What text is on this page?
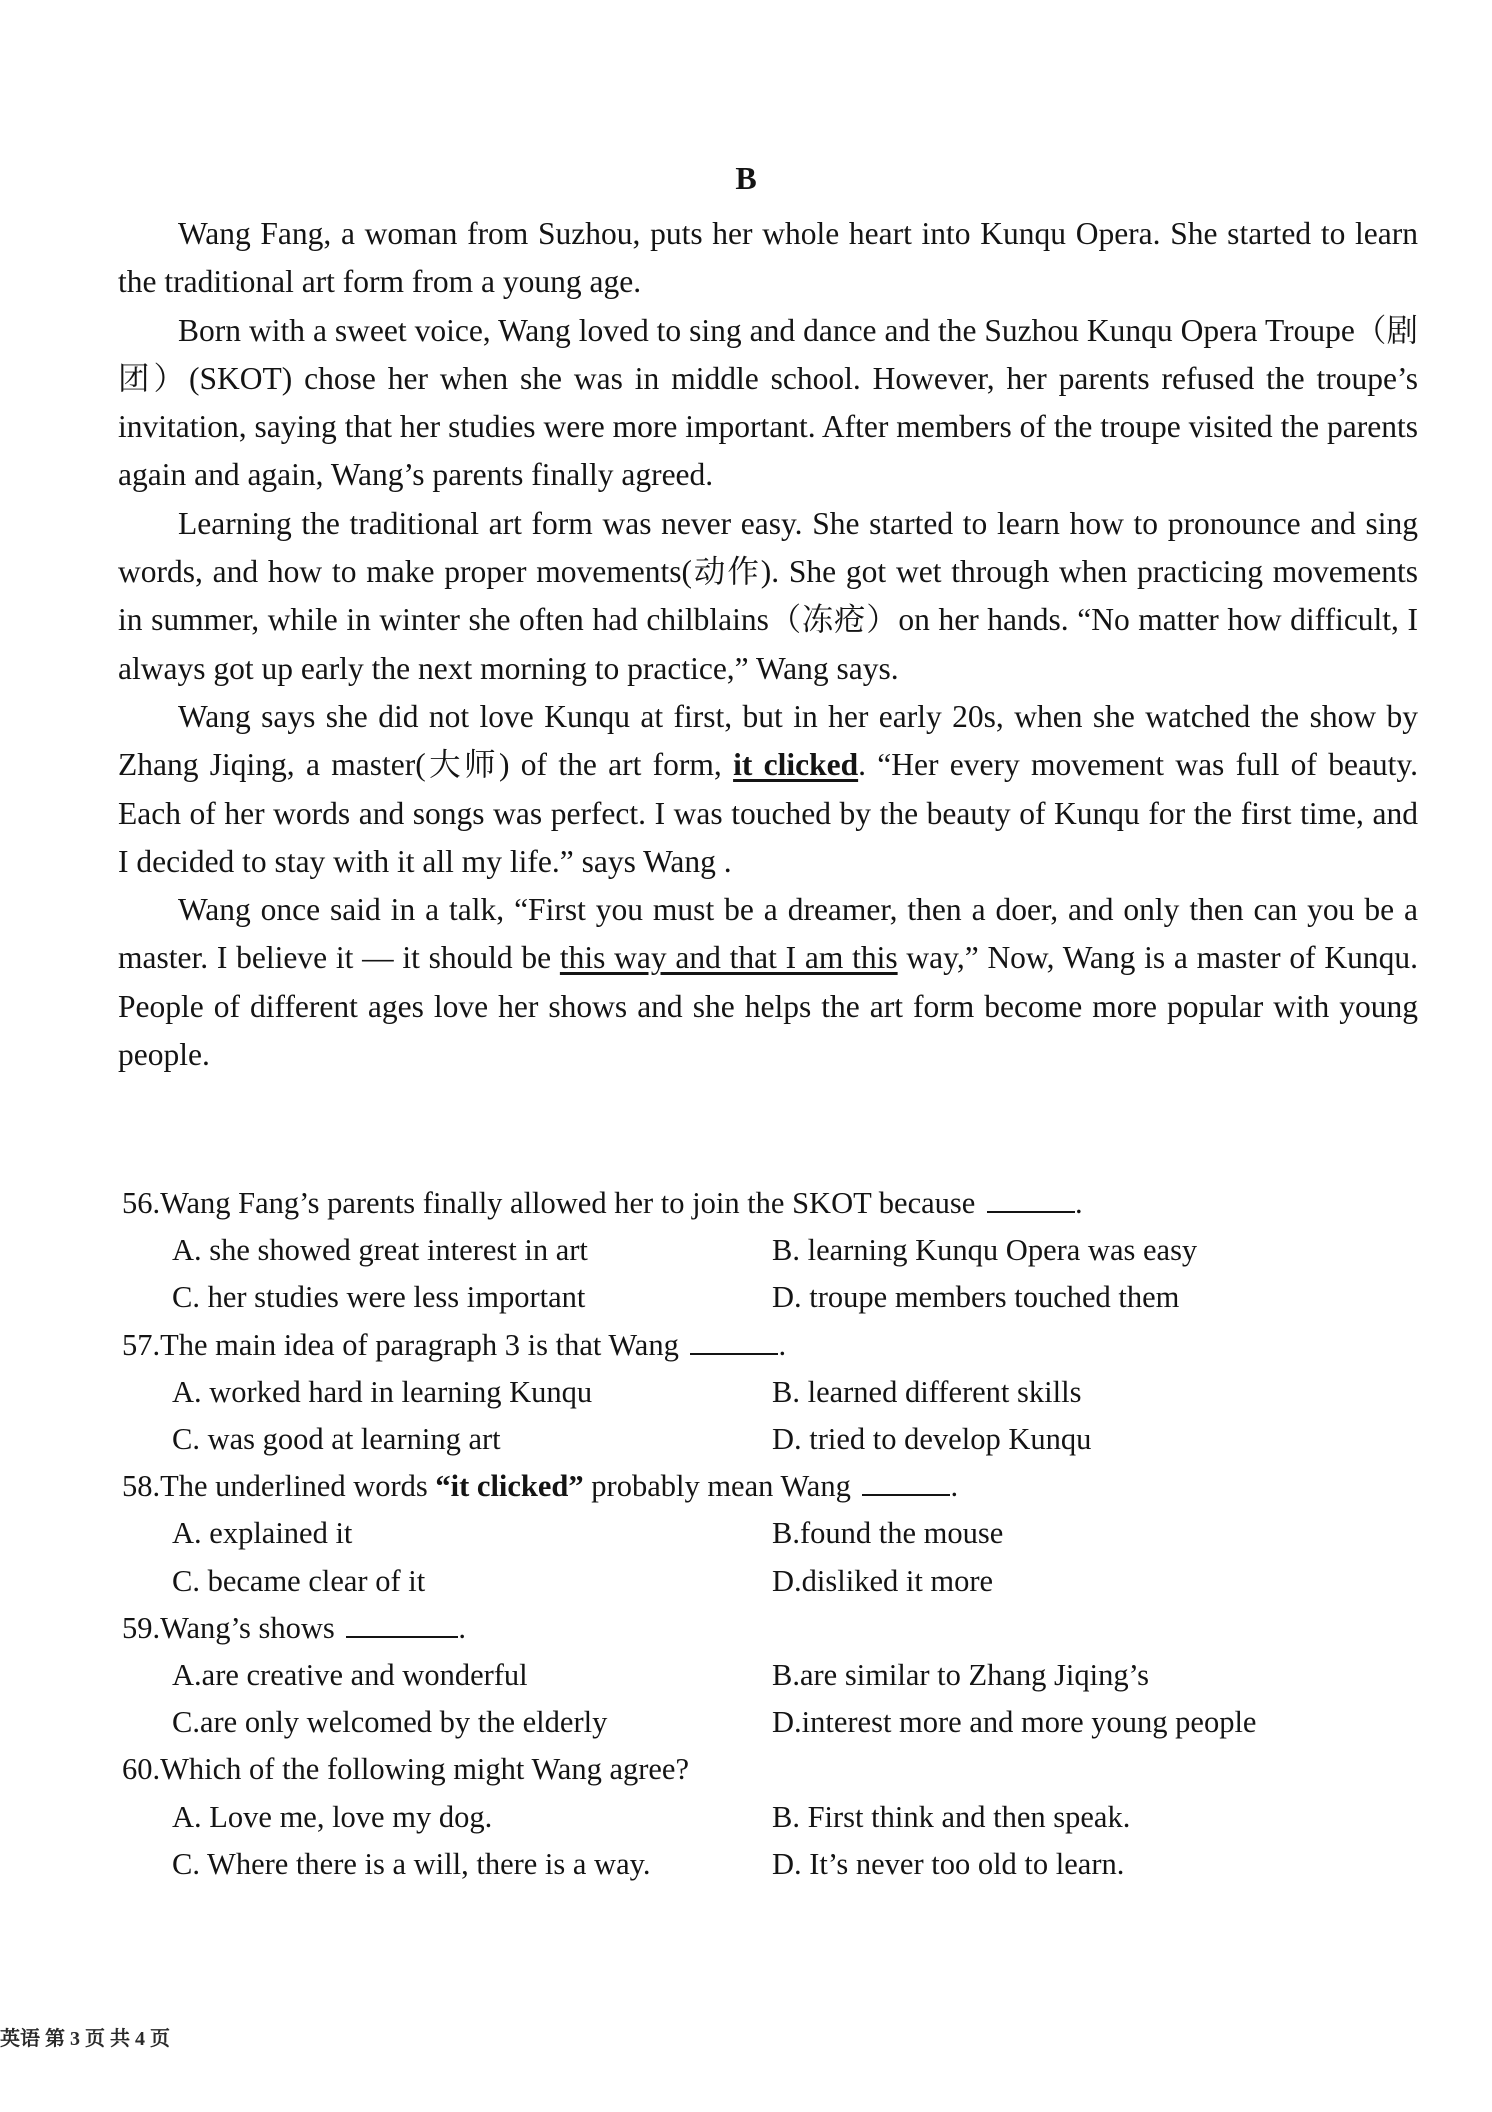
B

Wang Fang, a woman from Suzhou, puts her whole heart into Kunqu Opera. She started to learn the traditional art form from a young age.

Born with a sweet voice, Wang loved to sing and dance and the Suzhou Kunqu Opera Troupe（剧团）(SKOT) chose her when she was in middle school. However, her parents refused the troupe’s invitation, saying that her studies were more important. After members of the troupe visited the parents again and again, Wang’s parents finally agreed.

Learning the traditional art form was never easy. She started to learn how to pronounce and sing words, and how to make proper movements(动作). She got wet through when practicing movements in summer, while in winter she often had chilblains（冻疮）on her hands. “No matter how difficult, I always got up early the next morning to practice,” Wang says.

Wang says she did not love Kunqu at first, but in her early 20s, when she watched the show by Zhang Jiqing, a master(大师) of the art form, it clicked. “Her every movement was full of beauty. Each of her words and songs was perfect. I was touched by the beauty of Kunqu for the first time, and I decided to stay with it all my life.” says Wang .

Wang once said in a talk, “First you must be a dreamer, then a doer, and only then can you be a master. I believe it — it should be this way and that I am this way,” Now, Wang is a master of Kunqu. People of different ages love her shows and she helps the art form become more popular with young people.

56.Wang Fang’s parents finally allowed her to join the SKOT because	.
A. she showed great interest in art	B. learning Kunqu Opera was easy
C. her studies were less important	D. troupe members touched them
57.The main idea of paragraph 3 is that Wang	.
A. worked hard in learning Kunqu	B. learned different skills
C. was good at learning art	D. tried to develop Kunqu
58.The underlined words “it clicked” probably mean Wang	.
A. explained it	B.found the mouse
C. became clear of it	D.disliked it more
59.Wang’s shows	.
A.are creative and wonderful	B.are similar to Zhang Jiqing’s
C.are only welcomed by the elderly	D.interest more and more young people
60.Which of the following might Wang agree?
A. Love me, love my dog.	B. First think and then speak.
C. Where there is a will, there is a way.	D. It’s never too old to learn.
英语 第 3 页 共 4 页
